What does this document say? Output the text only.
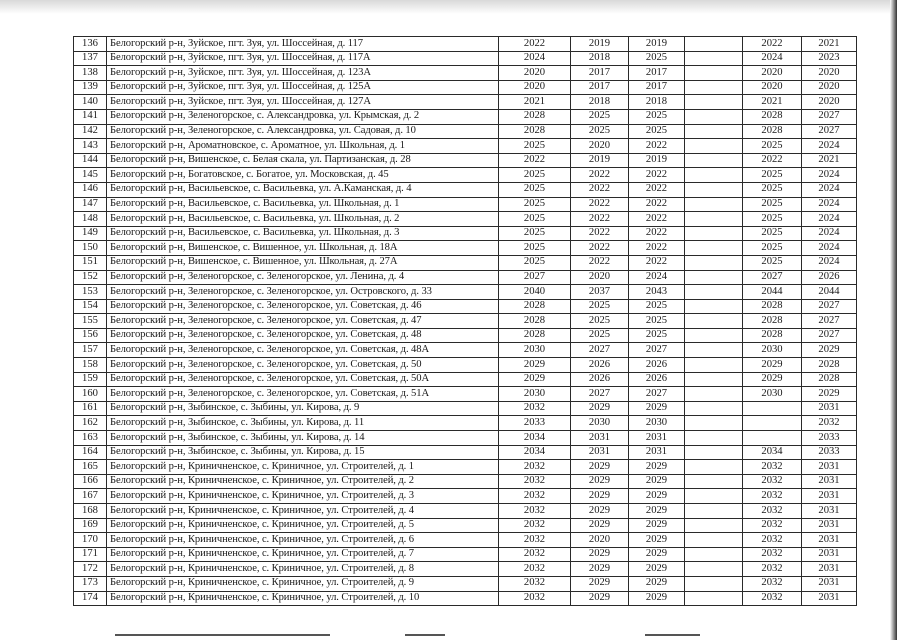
136	Белогорский р-н, Зуйское, пгт. Зуя, ул. Шоссейная, д. 117	2022	2019	2019		2022	2021
137	Белогорский р-н, Зуйское, пгт. Зуя, ул. Шоссейная, д. 117А	2024	2018	2025		2024	2023
138	Белогорский р-н, Зуйское, пгт. Зуя, ул. Шоссейная, д. 123А	2020	2017	2017		2020	2020
139	Белогорский р-н, Зуйское, пгт. Зуя, ул. Шоссейная, д. 125А	2020	2017	2017		2020	2020
140	Белогорский р-н, Зуйское, пгт. Зуя, ул. Шоссейная, д. 127А	2021	2018	2018		2021	2020
141	Белогорский р-н, Зеленогорское, с. Александровка, ул. Крымская, д. 2	2028	2025	2025		2028	2027
142	Белогорский р-н, Зеленогорское, с. Александровка, ул. Садовая, д. 10	2028	2025	2025		2028	2027
143	Белогорский р-н, Ароматновское, с. Ароматное, ул. Школьная, д. 1	2025	2020	2022		2025	2024
144	Белогорский р-н, Вишенское, с. Белая скала, ул. Партизанская, д. 28	2022	2019	2019		2022	2021
145	Белогорский р-н, Богатовское, с. Богатое, ул. Московская, д. 45	2025	2022	2022		2025	2024
146	Белогорский р-н, Васильевское, с. Васильевка, ул. А.Каманская, д. 4	2025	2022	2022		2025	2024
147	Белогорский р-н, Васильевское, с. Васильевка, ул. Школьная, д. 1	2025	2022	2022		2025	2024
148	Белогорский р-н, Васильевское, с. Васильевка, ул. Школьная, д. 2	2025	2022	2022		2025	2024
149	Белогорский р-н, Васильевское, с. Васильевка, ул. Школьная, д. 3	2025	2022	2022		2025	2024
150	Белогорский р-н, Вишенское, с. Вишенное, ул. Школьная, д. 18А	2025	2022	2022		2025	2024
151	Белогорский р-н, Вишенское, с. Вишенное, ул. Школьная, д. 27А	2025	2022	2022		2025	2024
152	Белогорский р-н, Зеленогорское, с. Зеленогорское, ул. Ленина, д. 4	2027	2020	2024		2027	2026
153	Белогорский р-н, Зеленогорское, с. Зеленогорское, ул. Островского, д. 33	2040	2037	2043		2044	2044
154	Белогорский р-н, Зеленогорское, с. Зеленогорское, ул. Советская, д. 46	2028	2025	2025		2028	2027
155	Белогорский р-н, Зеленогорское, с. Зеленогорское, ул. Советская, д. 47	2028	2025	2025		2028	2027
156	Белогорский р-н, Зеленогорское, с. Зеленогорское, ул. Советская, д. 48	2028	2025	2025		2028	2027
157	Белогорский р-н, Зеленогорское, с. Зеленогорское, ул. Советская, д. 48А	2030	2027	2027		2030	2029
158	Белогорский р-н, Зеленогорское, с. Зеленогорское, ул. Советская, д. 50	2029	2026	2026		2029	2028
159	Белогорский р-н, Зеленогорское, с. Зеленогорское, ул. Советская, д. 50А	2029	2026	2026		2029	2028
160	Белогорский р-н, Зеленогорское, с. Зеленогорское, ул. Советская, д. 51А	2030	2027	2027		2030	2029
161	Белогорский р-н, Зыбинское, с. Зыбины, ул. Кирова, д. 9	2032	2029	2029			2031
162	Белогорский р-н, Зыбинское, с. Зыбины, ул. Кирова, д. 11	2033	2030	2030			2032
163	Белогорский р-н, Зыбинское, с. Зыбины, ул. Кирова, д. 14	2034	2031	2031			2033
164	Белогорский р-н, Зыбинское, с. Зыбины, ул. Кирова, д. 15	2034	2031	2031		2034	2033
165	Белогорский р-н, Криничненское, с. Криничное, ул. Строителей, д. 1	2032	2029	2029		2032	2031
166	Белогорский р-н, Криничненское, с. Криничное, ул. Строителей, д. 2	2032	2029	2029		2032	2031
167	Белогорский р-н, Криничненское, с. Криничное, ул. Строителей, д. 3	2032	2029	2029		2032	2031
168	Белогорский р-н, Криничненское, с. Криничное, ул. Строителей, д. 4	2032	2029	2029		2032	2031
169	Белогорский р-н, Криничненское, с. Криничное, ул. Строителей, д. 5	2032	2029	2029		2032	2031
170	Белогорский р-н, Криничненское, с. Криничное, ул. Строителей, д. 6	2032	2020	2029		2032	2031
171	Белогорский р-н, Криничненское, с. Криничное, ул. Строителей, д. 7	2032	2029	2029		2032	2031
172	Белогорский р-н, Криничненское, с. Криничное, ул. Строителей, д. 8	2032	2029	2029		2032	2031
173	Белогорский р-н, Криничненское, с. Криничное, ул. Строителей, д. 9	2032	2029	2029		2032	2031
174	Белогорский р-н, Криничненское, с. Криничное, ул. Строителей, д. 10	2032	2029	2029		2032	2031
